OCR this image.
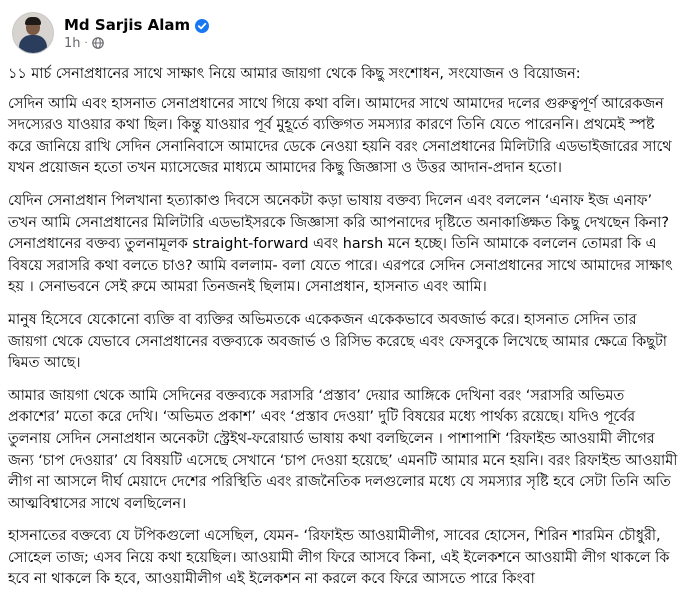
Md Sarjis Alam
1h ·

১১ মার্চ সেনাপ্রধানের সাথে সাক্ষাৎ নিয়ে আমার জায়গা থেকে কিছু সংশোধন, সংযোজন ও বিয়োজন:

সেদিন আমি এবং হাসনাত সেনাপ্রধানের সাথে গিয়ে কথা বলি। আমাদের সাথে আমাদের দলের গুরুত্বপূর্ণ আরেকজন সদস্যেরও যাওয়ার কথা ছিল। কিন্তু যাওয়ার পূর্ব মুহূর্তে ব্যক্তিগত সমস্যার কারণে তিনি যেতে পারেননি। প্রথমেই স্পষ্ট করে জানিয়ে রাখি সেদিন সেনানিবাসে আমাদের ডেকে নেওয়া হয়নি বরং সেনাপ্রধানের মিলিটারি এডভাইজারের সাথে যখন প্রয়োজন হতো তখন ম্যাসেজের মাধ্যমে আমাদের কিছু জিজ্ঞাসা ও উত্তর আদান-প্রদান হতো।

যেদিন সেনাপ্রধান পিলখানা হত্যাকাণ্ড দিবসে অনেকটা কড়া ভাষায় বক্তব্য দিলেন এবং বললেন ‘এনাফ ইজ এনাফ’ তখন আমি সেনাপ্রধানের মিলিটারি এডভাইসরকে জিজ্ঞাসা করি আপনাদের দৃষ্টিতে অনাকাঙ্ক্ষিত কিছু দেখছেন কিনা? সেনাপ্রধানের বক্তব্য তুলনামূলক straight-forward এবং harsh মনে হচ্ছে। তিনি আমাকে বললেন তোমরা কি এ বিষয়ে সরাসরি কথা বলতে চাও? আমি বললাম- বলা যেতে পারে। এরপরে সেদিন সেনাপ্রধানের সাথে আমাদের সাক্ষাৎ হয় । সেনাভবনে সেই রুমে আমরা তিনজনই ছিলাম। সেনাপ্রধান, হাসনাত এবং আমি।

মানুষ হিসেবে যেকোনো ব্যক্তি বা ব্যক্তির অভিমতকে একেকজন একেকভাবে অবজার্ভ করে। হাসনাত সেদিন তার জায়গা থেকে যেভাবে সেনাপ্রধানের বক্তব্যকে অবজার্ভ ও রিসিভ করেছে এবং ফেসবুকে লিখেছে আমার ক্ষেত্রে কিছুটা দ্বিমত আছে।

আমার জায়গা থেকে আমি সেদিনের বক্তব্যকে সরাসরি ‘প্রস্তাব’ দেয়ার আঙ্গিকে দেখিনা বরং ‘সরাসরি অভিমত প্রকাশের’ মতো করে দেখি। ‘অভিমত প্রকাশ’ এবং ‘প্রস্তাব দেওয়া’ দুটি বিষয়ের মধ্যে পার্থক্য রয়েছে। যদিও পূর্বের তুলনায় সেদিন সেনাপ্রধান অনেকটা স্ট্রেইথ-ফরোয়ার্ড ভাষায় কথা বলছিলেন । পাশাপাশি ‘রিফাইন্ড আওয়ামী লীগের জন্য ‘চাপ দেওয়ার’ যে বিষয়টি এসেছে সেখানে ‘চাপ দেওয়া হয়েছে’ এমনটি আমার মনে হয়নি। বরং রিফাইন্ড আওয়ামী লীগ না আসলে দীর্ঘ মেয়াদে দেশের পরিস্থিতি এবং রাজনৈতিক দলগুলোর মধ্যে যে সমস্যার সৃষ্টি হবে সেটা তিনি অতি আত্মবিশ্বাসের সাথে বলছিলেন।

হাসনাতের বক্তব্যে যে টপিকগুলো এসেছিল, যেমন- ‘রিফাইন্ড আওয়ামীলীগ, সাবের হোসেন, শিরিন শারমিন চৌধুরী, সোহেল তাজ; এসব নিয়ে কথা হয়েছিল। আওয়ামী লীগ ফিরে আসবে কিনা, এই ইলেকশনে আওয়ামী লীগ থাকলে কি হবে না থাকলে কি হবে, আওয়ামীলীগ এই ইলেকশন না করলে কবে ফিরে আসতে পারে কিংবা
